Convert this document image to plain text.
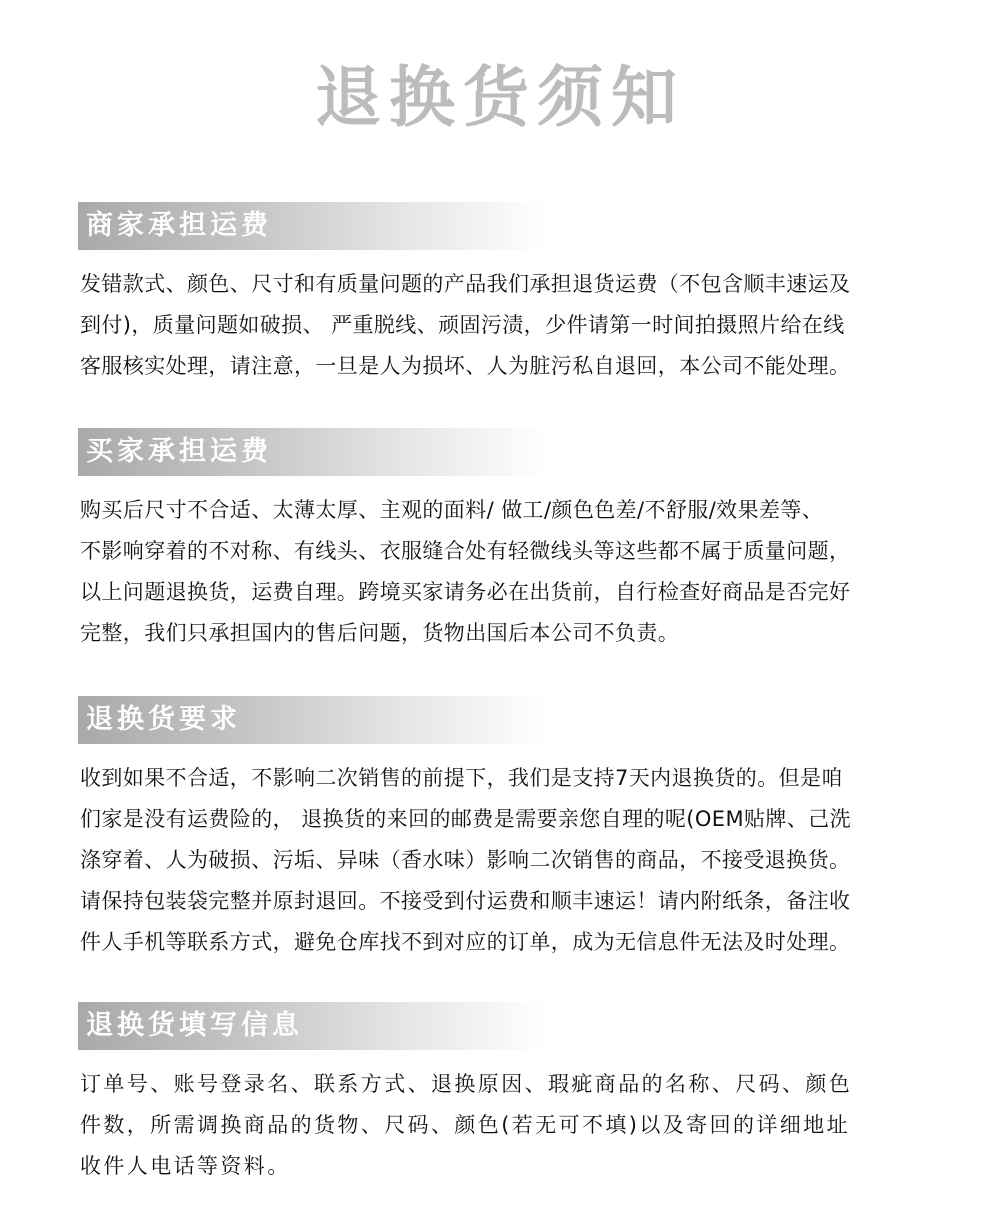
退换货须知
商家承担运费
发错款式、颜色、尺寸和有质量问题的产品我们承担退货运费（不包含顺丰速运及
到付)，质量问题如破损、 严重脱线、顽固污渍，少件请第一时间拍摄照片给在线
客服核实处理，请注意，一旦是人为损坏、人为脏污私自退回，本公司不能处理。
买家承担运费
购买后尺寸不合适、太薄太厚、主观的面料/ 做工/颜色色差/不舒服/效果差等、
不影响穿着的不对称、有线头、衣服缝合处有轻微线头等这些都不属于质量问题，
以上问题退换货，运费自理。跨境买家请务必在出货前，自行检查好商品是否完好
完整，我们只承担国内的售后问题，货物出国后本公司不负责。
退换货要求
收到如果不合适，不影响二次销售的前提下，我们是支持7天内退换货的。但是咱
们家是没有运费险的， 退换货的来回的邮费是需要亲您自理的呢(OEM贴牌、己洗
涤穿着、人为破损、污垢、异味（香水味）影响二次销售的商品，不接受退换货。
请保持包装袋完整并原封退回。不接受到付运费和顺丰速运！请内附纸条，备注收
件人手机等联系方式，避免仓库找不到对应的订单，成为无信息件无法及时处理。
退换货填写信息
订单号、账号登录名、联系方式、退换原因、瑕疵商品的名称、尺码、颜色
件数，所需调换商品的货物、尺码、颜色(若无可不填)以及寄回的详细地址
收件人电话等资料。
